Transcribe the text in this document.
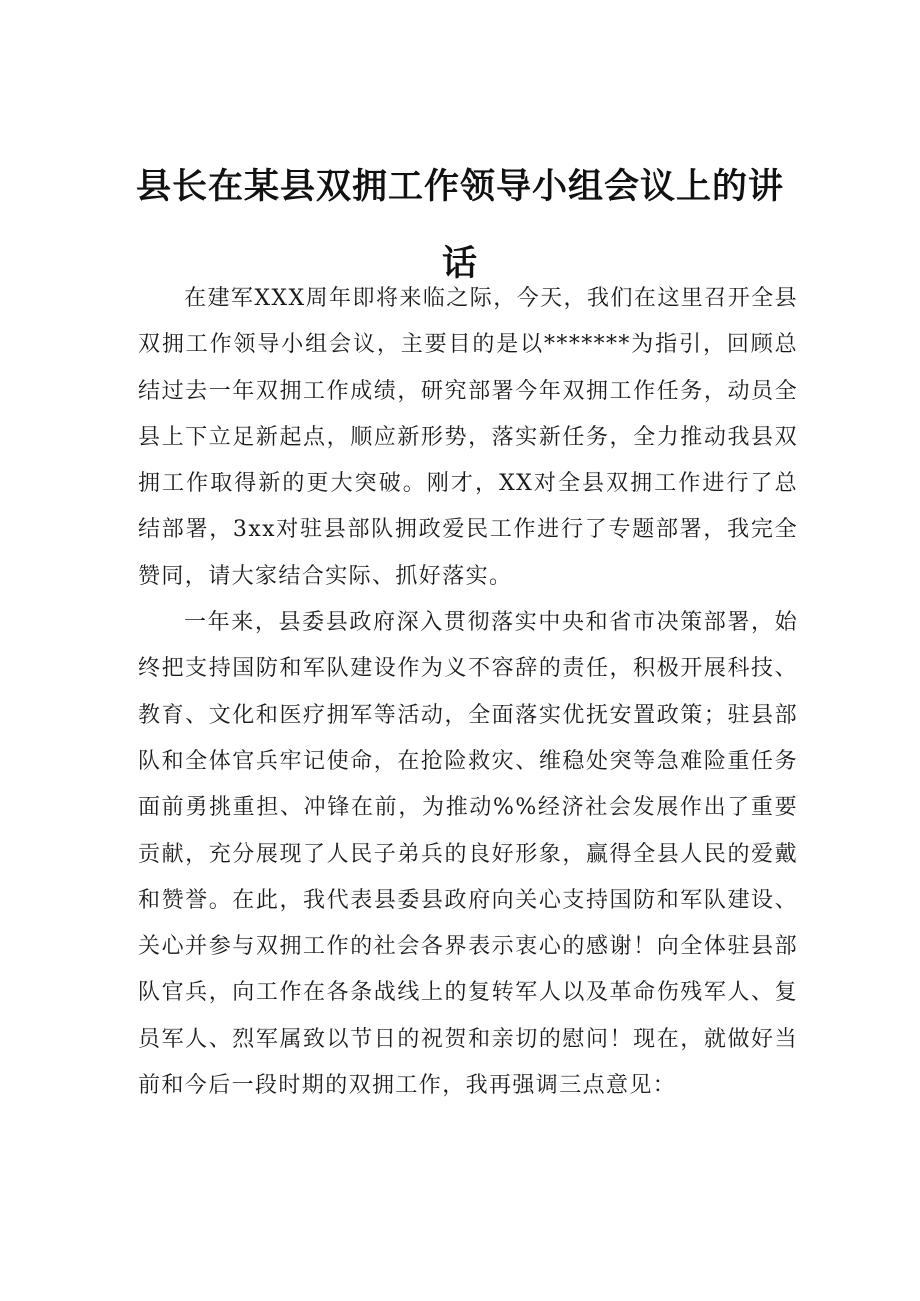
县长在某县双拥工作领导小组会议上的讲话

在建军XXX周年即将来临之际，今天，我们在这里召开全县双拥工作领导小组会议，主要目的是以*******为指引，回顾总结过去一年双拥工作成绩，研究部署今年双拥工作任务，动员全县上下立足新起点，顺应新形势，落实新任务，全力推动我县双拥工作取得新的更大突破。刚才，XX对全县双拥工作进行了总结部署，3xx对驻县部队拥政爱民工作进行了专题部署，我完全赞同，请大家结合实际、抓好落实。

一年来，县委县政府深入贯彻落实中央和省市决策部署，始终把支持国防和军队建设作为义不容辞的责任，积极开展科技、教育、文化和医疗拥军等活动，全面落实优抚安置政策；驻县部队和全体官兵牢记使命，在抢险救灾、维稳处突等急难险重任务面前勇挑重担、冲锋在前，为推动%%经济社会发展作出了重要贡献，充分展现了人民子弟兵的良好形象，赢得全县人民的爱戴和赞誉。在此，我代表县委县政府向关心支持国防和军队建设、关心并参与双拥工作的社会各界表示衷心的感谢！向全体驻县部队官兵，向工作在各条战线上的复转军人以及革命伤残军人、复员军人、烈军属致以节日的祝贺和亲切的慰问！现在，就做好当前和今后一段时期的双拥工作，我再强调三点意见：
